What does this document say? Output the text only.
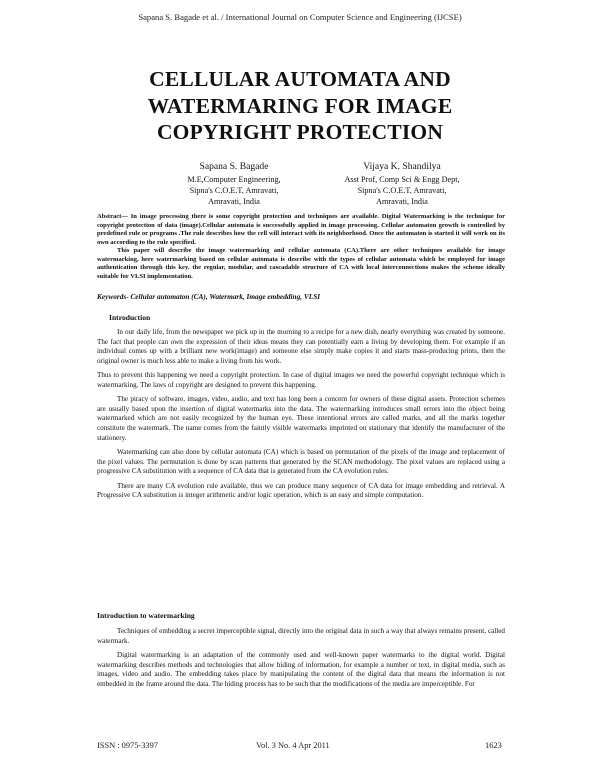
Sapana S. Bagade et al. / International Journal on Computer Science and Engineering (IJCSE)
CELLULAR AUTOMATA AND
WATERMARING FOR IMAGE
COPYRIGHT PROTECTION
Sapana S. Bagade
M.E,Computer Engineering,
Sipna's C.O.E.T, Amravati,
Amravati, India
Vijaya K. Shandilya
Asst Prof, Comp Sci & Engg Dept,
Sipna's C.O.E.T, Amravati,
Amravati, India

Abstract— In image processing there is some copyright protection and techniques are available. Digital Watermarking is the technique for copyright protection of data (image).Cellular automata is successfully applied in image processing. Cellular automaton growth is controlled by predefined rule or programs .The rule describes how the cell will interact with its neighborhood. Once the automaton is started it will work on its own according to the rule specified.

This paper will describe the image watermarking and cellular automata (CA).There are other techniques available for image watermarking, here watermarking based on cellular automata is describe with the types of cellular automata which be employed for image authentication through this key. the regular, modular, and cascadable structure of CA with local interconnections makes the scheme ideally suitable for VLSI implementation.

Keywords- Cellular automaton (CA), Watermark, Image embedding, VLSI
Introduction

In our daily life, from the newspaper we pick up in the morning to a recipe for a new dish, nearly everything was created by someone. The fact that people can own the expression of their ideas means they can potentially earn a living by developing them. For example if an individual comes up with a brilliant new work(image) and someone else simply make copies it and starts mass-producing prints, then the original owner is much less able to make a living from his work.

Thus to prevent this happening we need a copyright protection. In case of digital images we need the powerful copyright technique which is watermarking. The laws of copyright are designed to prevent this happening.

The piracy of software, images, video, audio, and text has long been a concern for owners of these digital assets. Protection schemes are usually based upon the insertion of digital watermarks into the data. The watermarking introduces small errors into the object being watermarked which are not easily recognized by the human eye. These intentional errors are called marks, and all the marks together constitute the watermark. The name comes from the faintly visible watermarks imprinted on stationary that identify the manufacturer of the stationery.

Watermarking can also done by cellular automata (CA) which is based on permutation of the pixels of the image and replacement of the pixel values. The permutation is done by scan patterns that generated by the SCAN methodology. The pixel values are replaced using a progressive CA substitution with a sequence of CA data that is generated from the CA evolution rules.

There are many CA evolution rule available, thus we can produce many sequence of CA data for image embedding and retrieval. A Progressive CA substitution is integer arithmetic and/or logic operation, which is an easy and simple computation.

Introduction to watermarking

Techniques of embedding a secret imperceptible signal, directly into the original data in such a way that always remains present, called watermark.

Digital watermarking is an adaptation of the commonly used and well-known paper watermarks to the digital world. Digital watermarking describes methods and technologies that allow hiding of information, for example a number or text, in digital media, such as images, video and audio. The embedding takes place by manipulating the content of the digital data that means the information is not embedded in the frame around the data. The hiding process has to be such that the modifications of the media are imperceptible. For

ISSN : 0975-3397	Vol. 3 No. 4 Apr 2011	1623
